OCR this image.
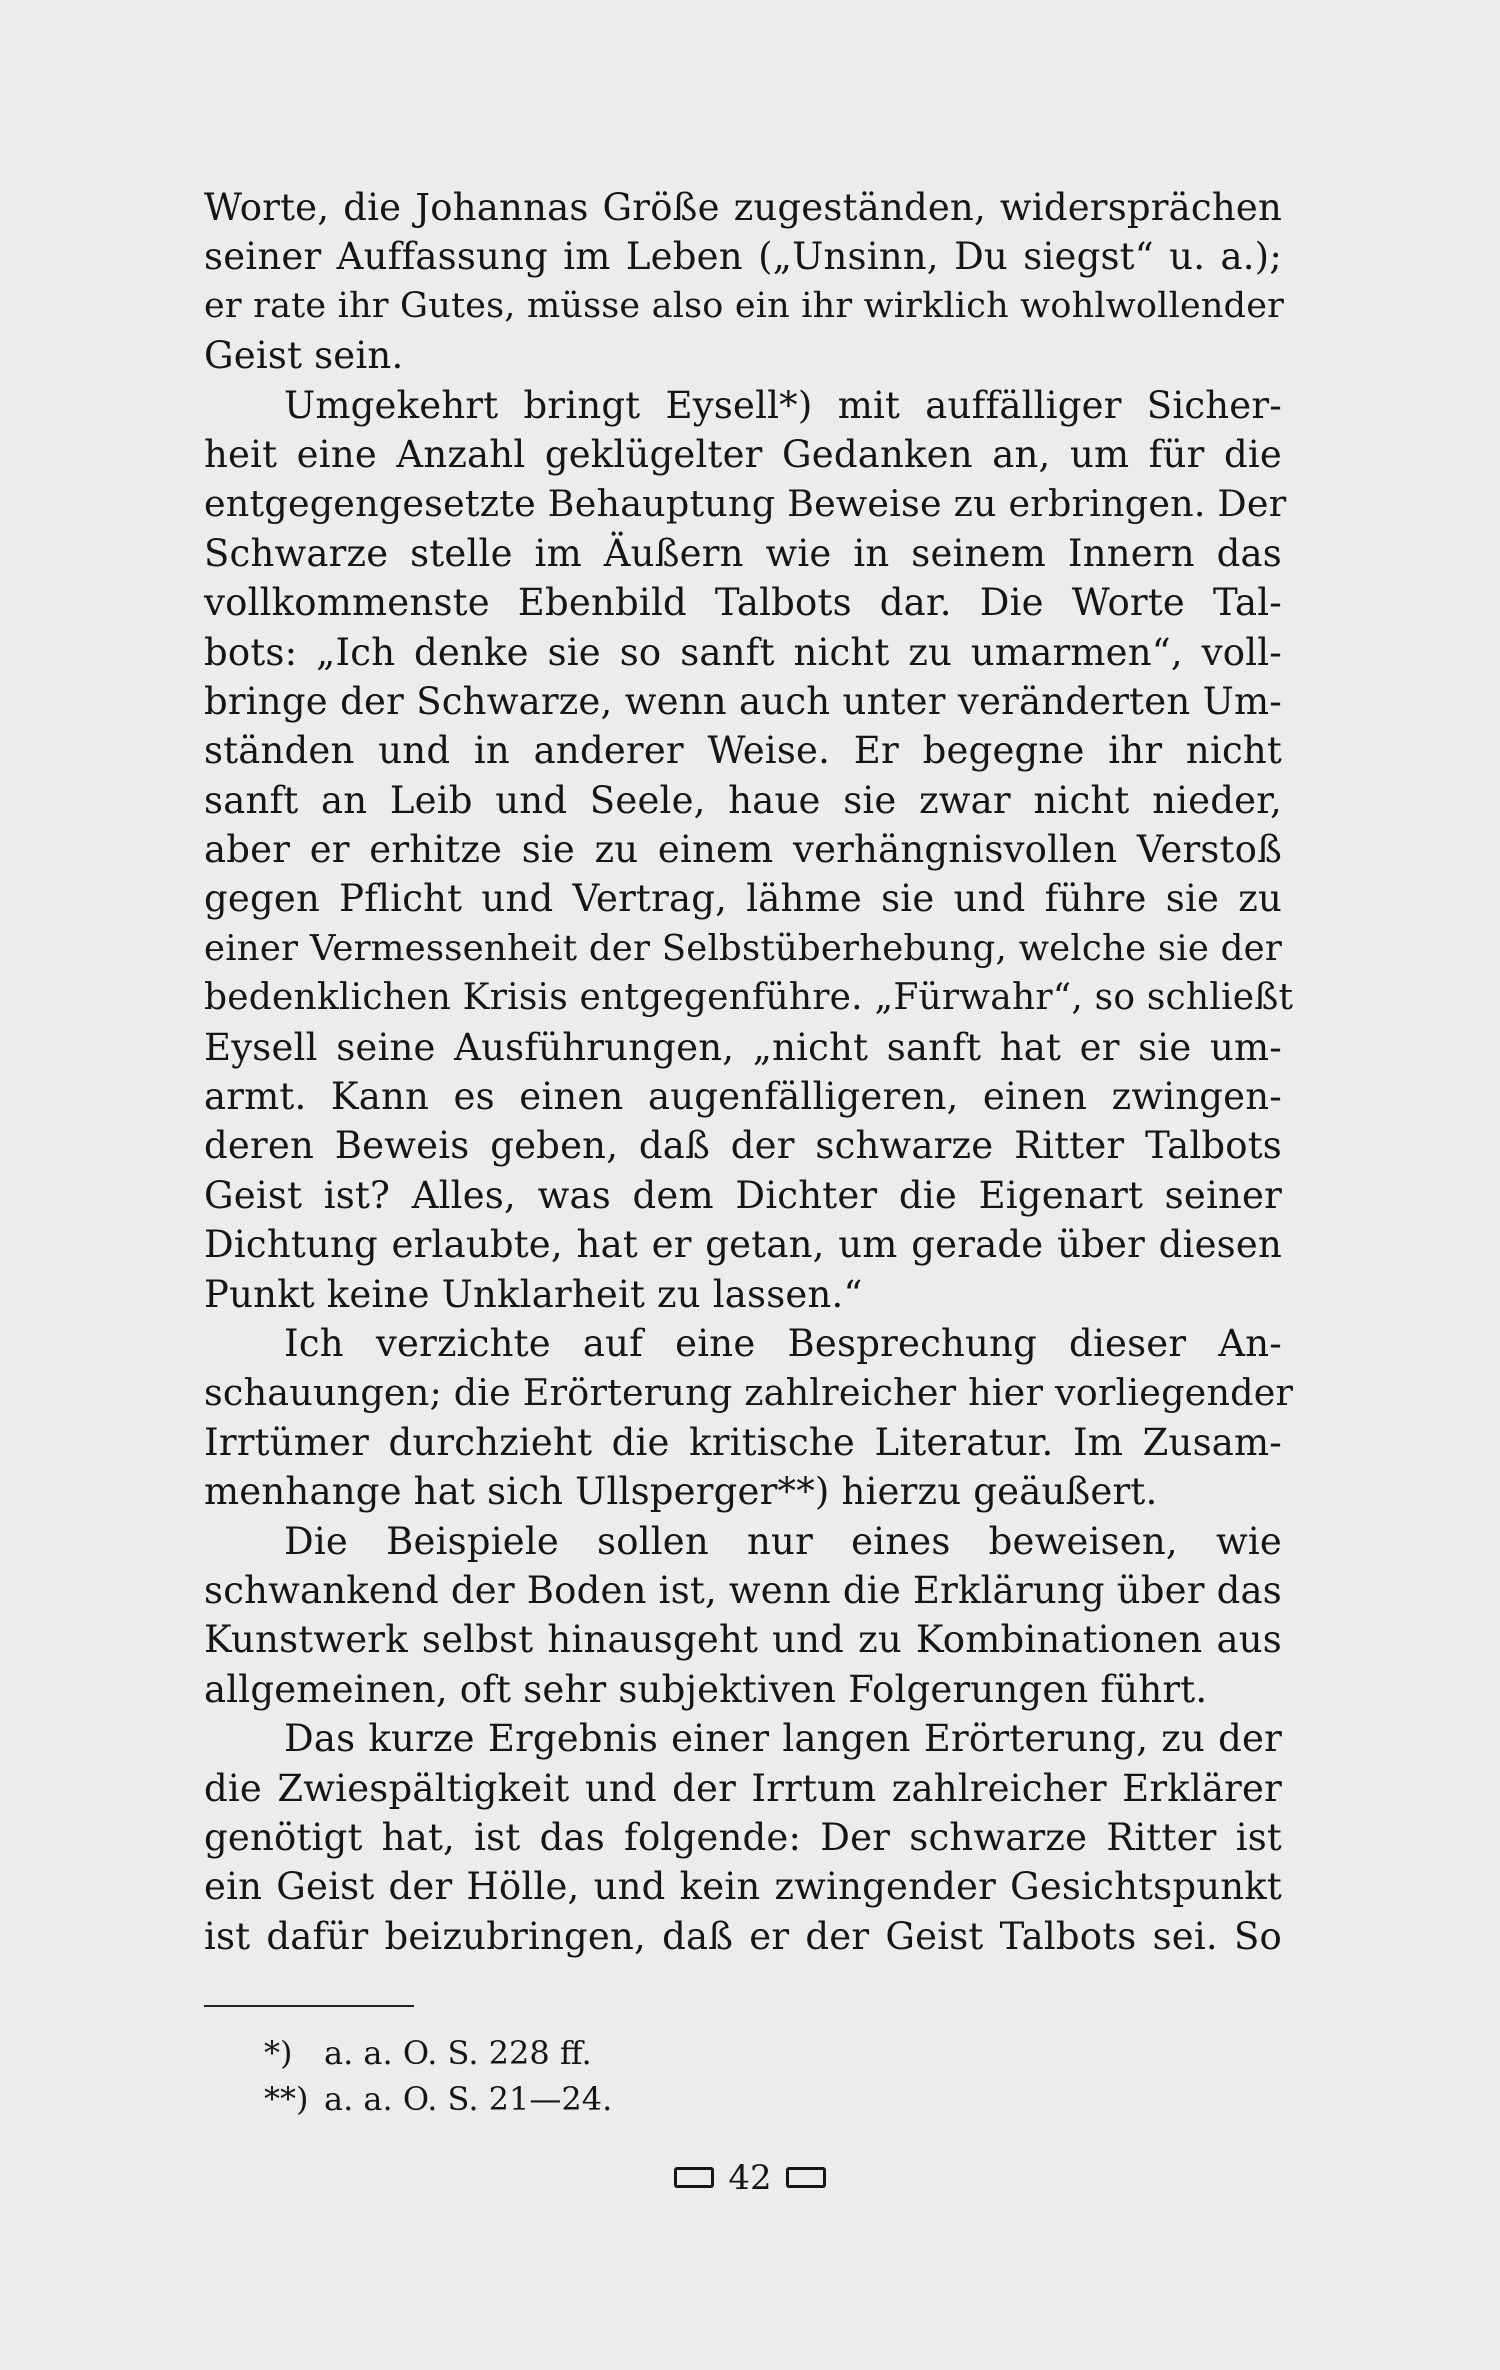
Worte, die Johannas Größe zugeständen, widersprächen
seiner Auffassung im Leben („Unsinn, Du siegst“ u. a.);
er rate ihr Gutes, müsse also ein ihr wirklich wohlwollender
Geist sein.
Umgekehrt bringt Eysell*) mit auffälliger Sicher-
heit eine Anzahl geklügelter Gedanken an, um für die
entgegengesetzte Behauptung Beweise zu erbringen. Der
Schwarze stelle im Äußern wie in seinem Innern das
vollkommenste Ebenbild Talbots dar. Die Worte Tal-
bots: „Ich denke sie so sanft nicht zu umarmen“, voll-
bringe der Schwarze, wenn auch unter veränderten Um-
ständen und in anderer Weise. Er begegne ihr nicht
sanft an Leib und Seele, haue sie zwar nicht nieder,
aber er erhitze sie zu einem verhängnisvollen Verstoß
gegen Pflicht und Vertrag, lähme sie und führe sie zu
einer Vermessenheit der Selbstüberhebung, welche sie der
bedenklichen Krisis entgegenführe. „Fürwahr“, so schließt
Eysell seine Ausführungen, „nicht sanft hat er sie um-
armt. Kann es einen augenfälligeren, einen zwingen-
deren Beweis geben, daß der schwarze Ritter Talbots
Geist ist? Alles, was dem Dichter die Eigenart seiner
Dichtung erlaubte, hat er getan, um gerade über diesen
Punkt keine Unklarheit zu lassen.“
Ich verzichte auf eine Besprechung dieser An-
schauungen; die Erörterung zahlreicher hier vorliegender
Irrtümer durchzieht die kritische Literatur. Im Zusam-
menhange hat sich Ullsperger**) hierzu geäußert.
Die Beispiele sollen nur eines beweisen, wie
schwankend der Boden ist, wenn die Erklärung über das
Kunstwerk selbst hinausgeht und zu Kombinationen aus
allgemeinen, oft sehr subjektiven Folgerungen führt.
Das kurze Ergebnis einer langen Erörterung, zu der
die Zwiespältigkeit und der Irrtum zahlreicher Erklärer
genötigt hat, ist das folgende: Der schwarze Ritter ist
ein Geist der Hölle, und kein zwingender Gesichtspunkt
ist dafür beizubringen, daß er der Geist Talbots sei. So
*) a. a. O. S. 228 ff.
**) a. a. O. S. 21—24.
42
